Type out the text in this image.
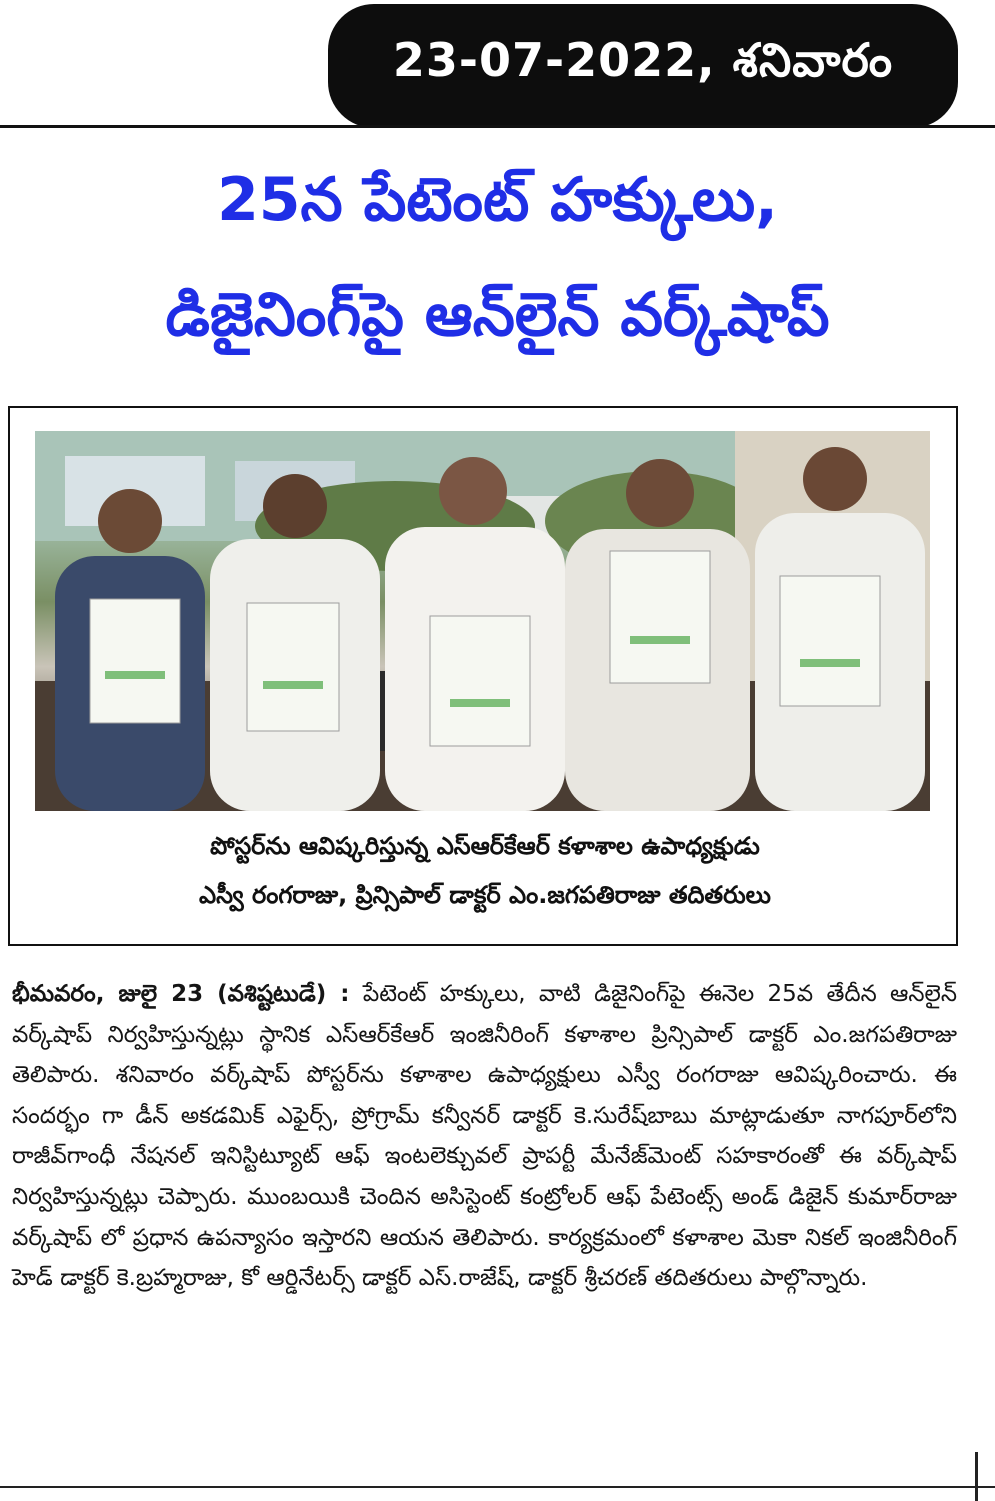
23-07-2022, శనివారం
25న పేటెంట్ హక్కులు,
డిజైనింగ్‌పై ఆన్‌లైన్ వర్క్‌షాప్
పోస్టర్‌ను ఆవిష్కరిస్తున్న ఎస్ఆర్‌కేఆర్ కళాశాల ఉపాధ్యక్షుడు
ఎస్వీ రంగరాజు, ప్రిన్సిపాల్ డాక్టర్ ఎం.జగపతిరాజు తదితరులు
భీమవరం, జులై 23 (వశిష్టటుడే) : పేటెంట్ హక్కులు, వాటి డిజైనింగ్‌పై ఈనెల 25వ తేదీన ఆన్‌లైన్ వర్క్‌షాప్ నిర్వహిస్తున్నట్లు స్థానిక ఎస్ఆర్‌కేఆర్ ఇంజినీరింగ్ కళాశాల ప్రిన్సిపాల్ డాక్టర్ ఎం.జగపతిరాజు తెలిపారు. శనివారం వర్క్‌షాప్ పోస్టర్‌ను కళాశాల ఉపాధ్యక్షులు ఎస్వీ రంగరాజు ఆవిష్కరించారు. ఈ సందర్భం గా డీన్ అకడమిక్ ఎఫైర్స్, ప్రోగ్రామ్ కన్వీనర్ డాక్టర్ కె.సురేష్‌బాబు మాట్లాడుతూ నాగపూర్‌లోని రాజీవ్‌గాంధీ నేషనల్ ఇనిస్టిట్యూట్ ఆఫ్ ఇంటలెక్చువల్ ప్రాపర్టీ మేనేజ్‌మెంట్ సహకారంతో ఈ వర్క్‌షాప్ నిర్వహిస్తున్నట్లు చెప్పారు. ముంబయికి చెందిన అసిస్టెంట్ కంట్రోలర్ ఆఫ్ పేటెంట్స్ అండ్ డిజైన్ కుమార్‌రాజు వర్క్‌షాప్ లో ప్రధాన ఉపన్యాసం ఇస్తారని ఆయన తెలిపారు. కార్యక్రమంలో కళాశాల మెకా నికల్ ఇంజినీరింగ్ హెడ్ డాక్టర్ కె.బ్రహ్మరాజు, కో ఆర్డినేటర్స్ డాక్టర్ ఎస్.రాజేష్, డాక్టర్ శ్రీచరణ్ తదితరులు పాల్గొన్నారు.
